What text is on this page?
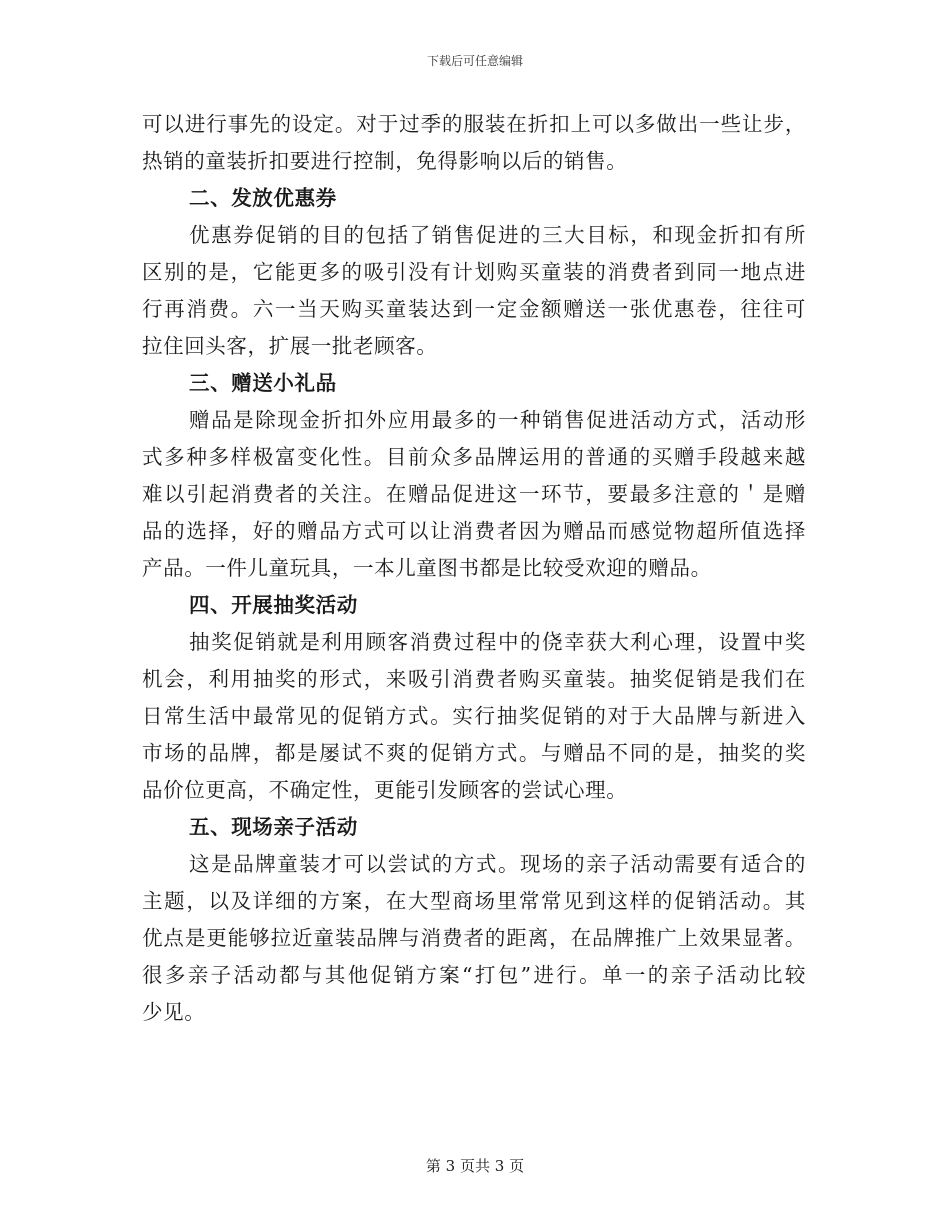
下载后可任意编辑
可以进行事先的设定。对于过季的服装在折扣上可以多做出一些让步，
热销的童装折扣要进行控制，免得影响以后的销售。
二、发放优惠券
优惠券促销的目的包括了销售促进的三大目标，和现金折扣有所
区别的是，它能更多的吸引没有计划购买童装的消费者到同一地点进
行再消费。六一当天购买童装达到一定金额赠送一张优惠卷，往往可
拉住回头客，扩展一批老顾客。
三、赠送小礼品
赠品是除现金折扣外应用最多的一种销售促进活动方式，活动形
式多种多样极富变化性。目前众多品牌运用的普通的买赠手段越来越
难以引起消费者的关注。在赠品促进这一环节，要最多注意的＇是赠
品的选择，好的赠品方式可以让消费者因为赠品而感觉物超所值选择
产品。一件儿童玩具，一本儿童图书都是比较受欢迎的赠品。
四、开展抽奖活动
抽奖促销就是利用顾客消费过程中的侥幸获大利心理，设置中奖
机会，利用抽奖的形式，来吸引消费者购买童装。抽奖促销是我们在
日常生活中最常见的促销方式。实行抽奖促销的对于大品牌与新进入
市场的品牌，都是屡试不爽的促销方式。与赠品不同的是，抽奖的奖
品价位更高，不确定性，更能引发顾客的尝试心理。
五、现场亲子活动
这是品牌童装才可以尝试的方式。现场的亲子活动需要有适合的
主题，以及详细的方案，在大型商场里常常见到这样的促销活动。其
优点是更能够拉近童装品牌与消费者的距离，在品牌推广上效果显著。
很多亲子活动都与其他促销方案“打包”进行。单一的亲子活动比较
少见。
第 3 页共 3 页
